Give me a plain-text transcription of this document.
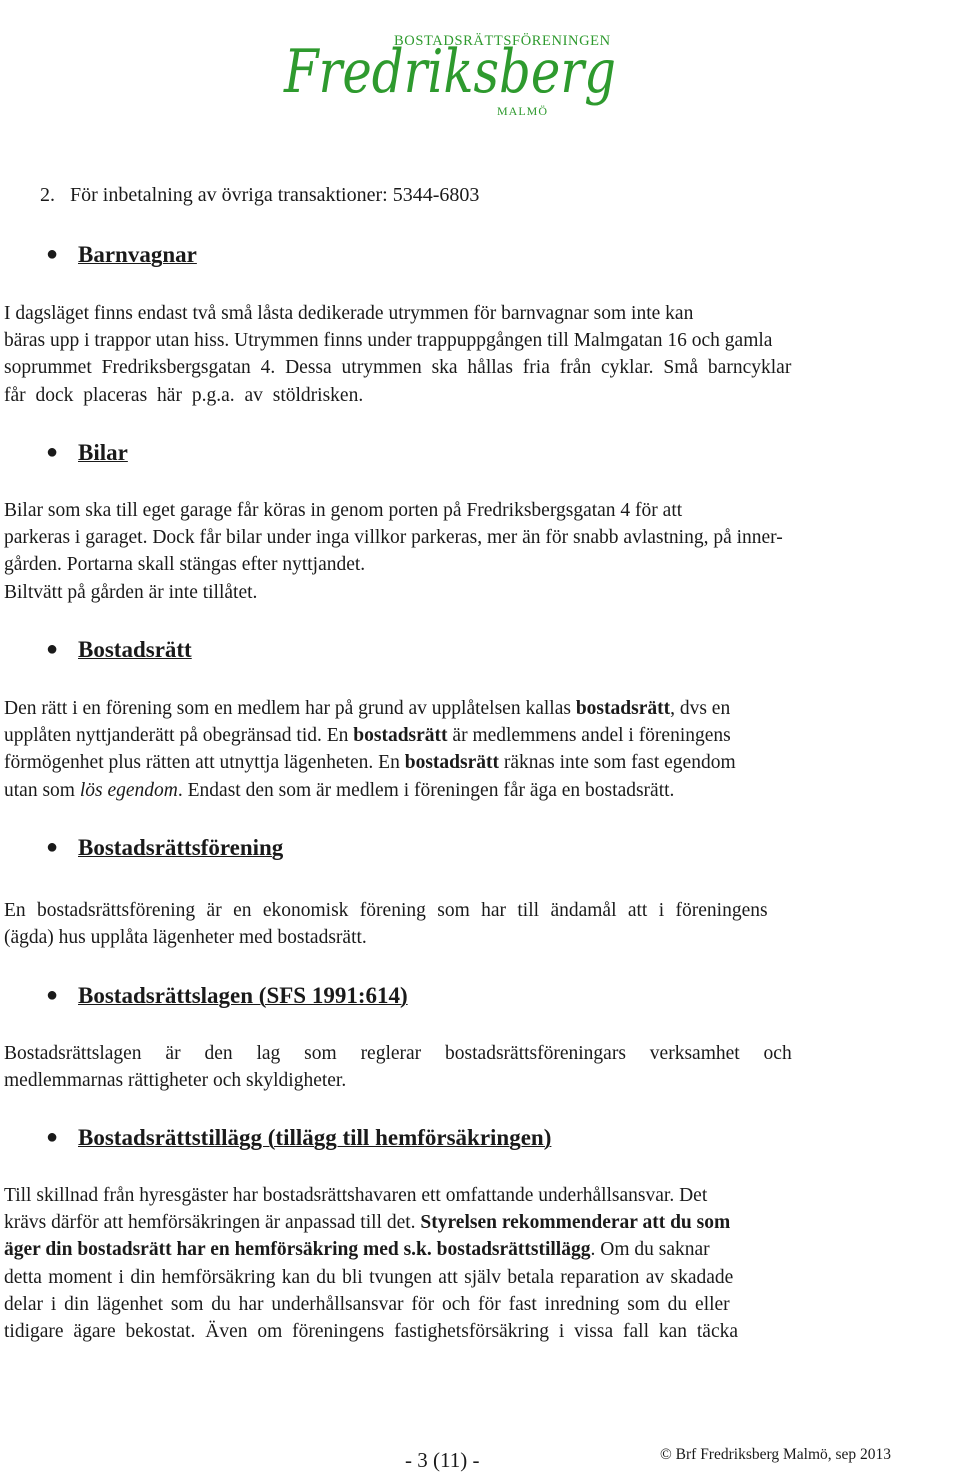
BOSTADSRÄTTSFÖRENINGEN
Fredriksberg
MALMÖ
2.   För inbetalning av övriga transaktioner: 5344-6803
● Barnvagnar
I dagsläget finns endast två små låsta dedikerade utrymmen för barnvagnar som inte kan
bäras upp i trappor utan hiss. Utrymmen finns under trappuppgången till Malmgatan 16 och gamla
soprummet Fredriksbergsgatan 4. Dessa utrymmen ska hållas fria från cyklar. Små barncyklar
får dock placeras här p.g.a. av stöldrisken.
● Bilar
Bilar som ska till eget garage får köras in genom porten på Fredriksbergsgatan 4 för att
parkeras i garaget. Dock får bilar under inga villkor parkeras, mer än för snabb avlastning, på inner-
gården. Portarna skall stängas efter nyttjandet.
Biltvätt på gården är inte tillåtet.
● Bostadsrätt
Den rätt i en förening som en medlem har på grund av upplåtelsen kallas bostadsrätt, dvs en
upplåten nyttjanderätt på obegränsad tid. En bostadsrätt är medlemmens andel i föreningens
förmögenhet plus rätten att utnyttja lägenheten. En bostadsrätt räknas inte som fast egendom
utan som lös egendom. Endast den som är medlem i föreningen får äga en bostadsrätt.
● Bostadsrättsförening
En bostadsrättsförening är en ekonomisk förening som har till ändamål att i föreningens
(ägda) hus upplåta lägenheter med bostadsrätt.
● Bostadsrättslagen (SFS 1991:614)
Bostadsrättslagen är den lag som reglerar bostadsrättsföreningars verksamhet och
medlemmarnas rättigheter och skyldigheter.
● Bostadsrättstillägg (tillägg till hemförsäkringen)
Till skillnad från hyresgäster har bostadsrättshavaren ett omfattande underhållsansvar. Det
krävs därför att hemförsäkringen är anpassad till det. Styrelsen rekommenderar att du som
äger din bostadsrätt har en hemförsäkring med s.k. bostadsrättstillägg. Om du saknar
detta moment i din hemförsäkring kan du bli tvungen att själv betala reparation av skadade
delar i din lägenhet som du har underhållsansvar för och för fast inredning som du eller
tidigare ägare bekostat. Även om föreningens fastighetsförsäkring i vissa fall kan täcka
- 3 (11) -	© Brf Fredriksberg Malmö, sep 2013
